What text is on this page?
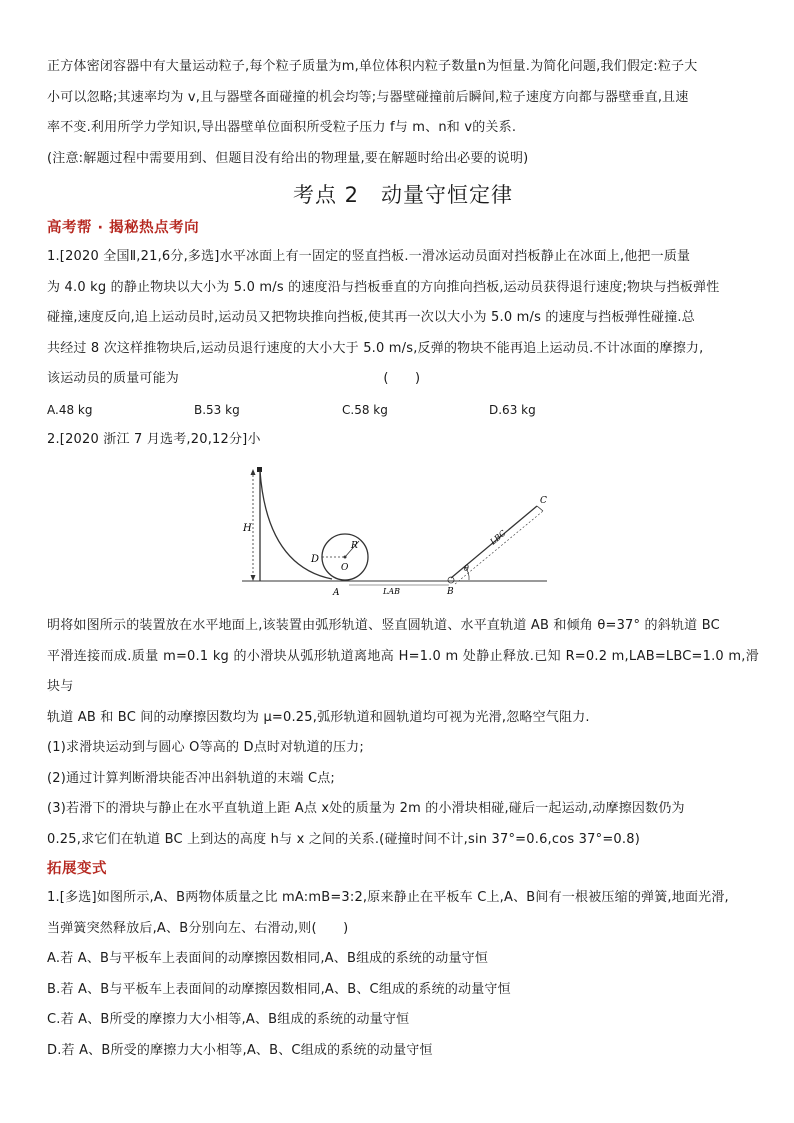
正方体密闭容器中有大量运动粒子,每个粒子质量为m,单位体积内粒子数量n为恒量.为简化问题,我们假定:粒子大

小可以忽略;其速率均为 v,且与器壁各面碰撞的机会均等;与器壁碰撞前后瞬间,粒子速度方向都与器壁垂直,且速

率不变.利用所学力学知识,导出器壁单位面积所受粒子压力 f与 m、n和 v的关系.

(注意:解题过程中需要用到、但题目没有给出的物理量,要在解题时给出必要的说明)

考点 2　动量守恒定律

高考帮 · 揭秘热点考向

1.[2020 全国Ⅱ,21,6分,多选]水平冰面上有一固定的竖直挡板.一滑冰运动员面对挡板静止在冰面上,他把一质量

为 4.0 kg 的静止物块以大小为 5.0 m/s 的速度沿与挡板垂直的方向推向挡板,运动员获得退行速度;物块与挡板弹性

碰撞,速度反向,追上运动员时,运动员又把物块推向挡板,使其再一次以大小为 5.0 m/s 的速度与挡板弹性碰撞.总

共经过 8 次这样推物块后,运动员退行速度的大小大于 5.0 m/s,反弹的物块不能再追上运动员.不计冰面的摩擦力,

该运动员的质量可能为	(　　)

A.48 kg	B.53 kg	C.58 kg	D.63 kg

2.[2020 浙江 7 月选考,20,12分]小

H
D
R
O
A	LAB	B
C
LBC
θ

明将如图所示的装置放在水平地面上,该装置由弧形轨道、竖直圆轨道、水平直轨道 AB 和倾角 θ=37° 的斜轨道 BC

平滑连接而成.质量 m=0.1 kg 的小滑块从弧形轨道离地高 H=1.0 m 处静止释放.已知 R=0.2 m,LAB=LBC=1.0 m,滑块与

轨道 AB 和 BC 间的动摩擦因数均为 μ=0.25,弧形轨道和圆轨道均可视为光滑,忽略空气阻力.

(1)求滑块运动到与圆心 O等高的 D点时对轨道的压力;

(2)通过计算判断滑块能否冲出斜轨道的末端 C点;

(3)若滑下的滑块与静止在水平直轨道上距 A点 x处的质量为 2m 的小滑块相碰,碰后一起运动,动摩擦因数仍为

0.25,求它们在轨道 BC 上到达的高度 h与 x 之间的关系.(碰撞时间不计,sin 37°=0.6,cos 37°=0.8)

拓展变式

1.[多选]如图所示,A、B两物体质量之比 mA:mB=3:2,原来静止在平板车 C上,A、B间有一根被压缩的弹簧,地面光滑,

当弹簧突然释放后,A、B分别向左、右滑动,则(　　)

A.若 A、B与平板车上表面间的动摩擦因数相同,A、B组成的系统的动量守恒

B.若 A、B与平板车上表面间的动摩擦因数相同,A、B、C组成的系统的动量守恒

C.若 A、B所受的摩擦力大小相等,A、B组成的系统的动量守恒

D.若 A、B所受的摩擦力大小相等,A、B、C组成的系统的动量守恒
